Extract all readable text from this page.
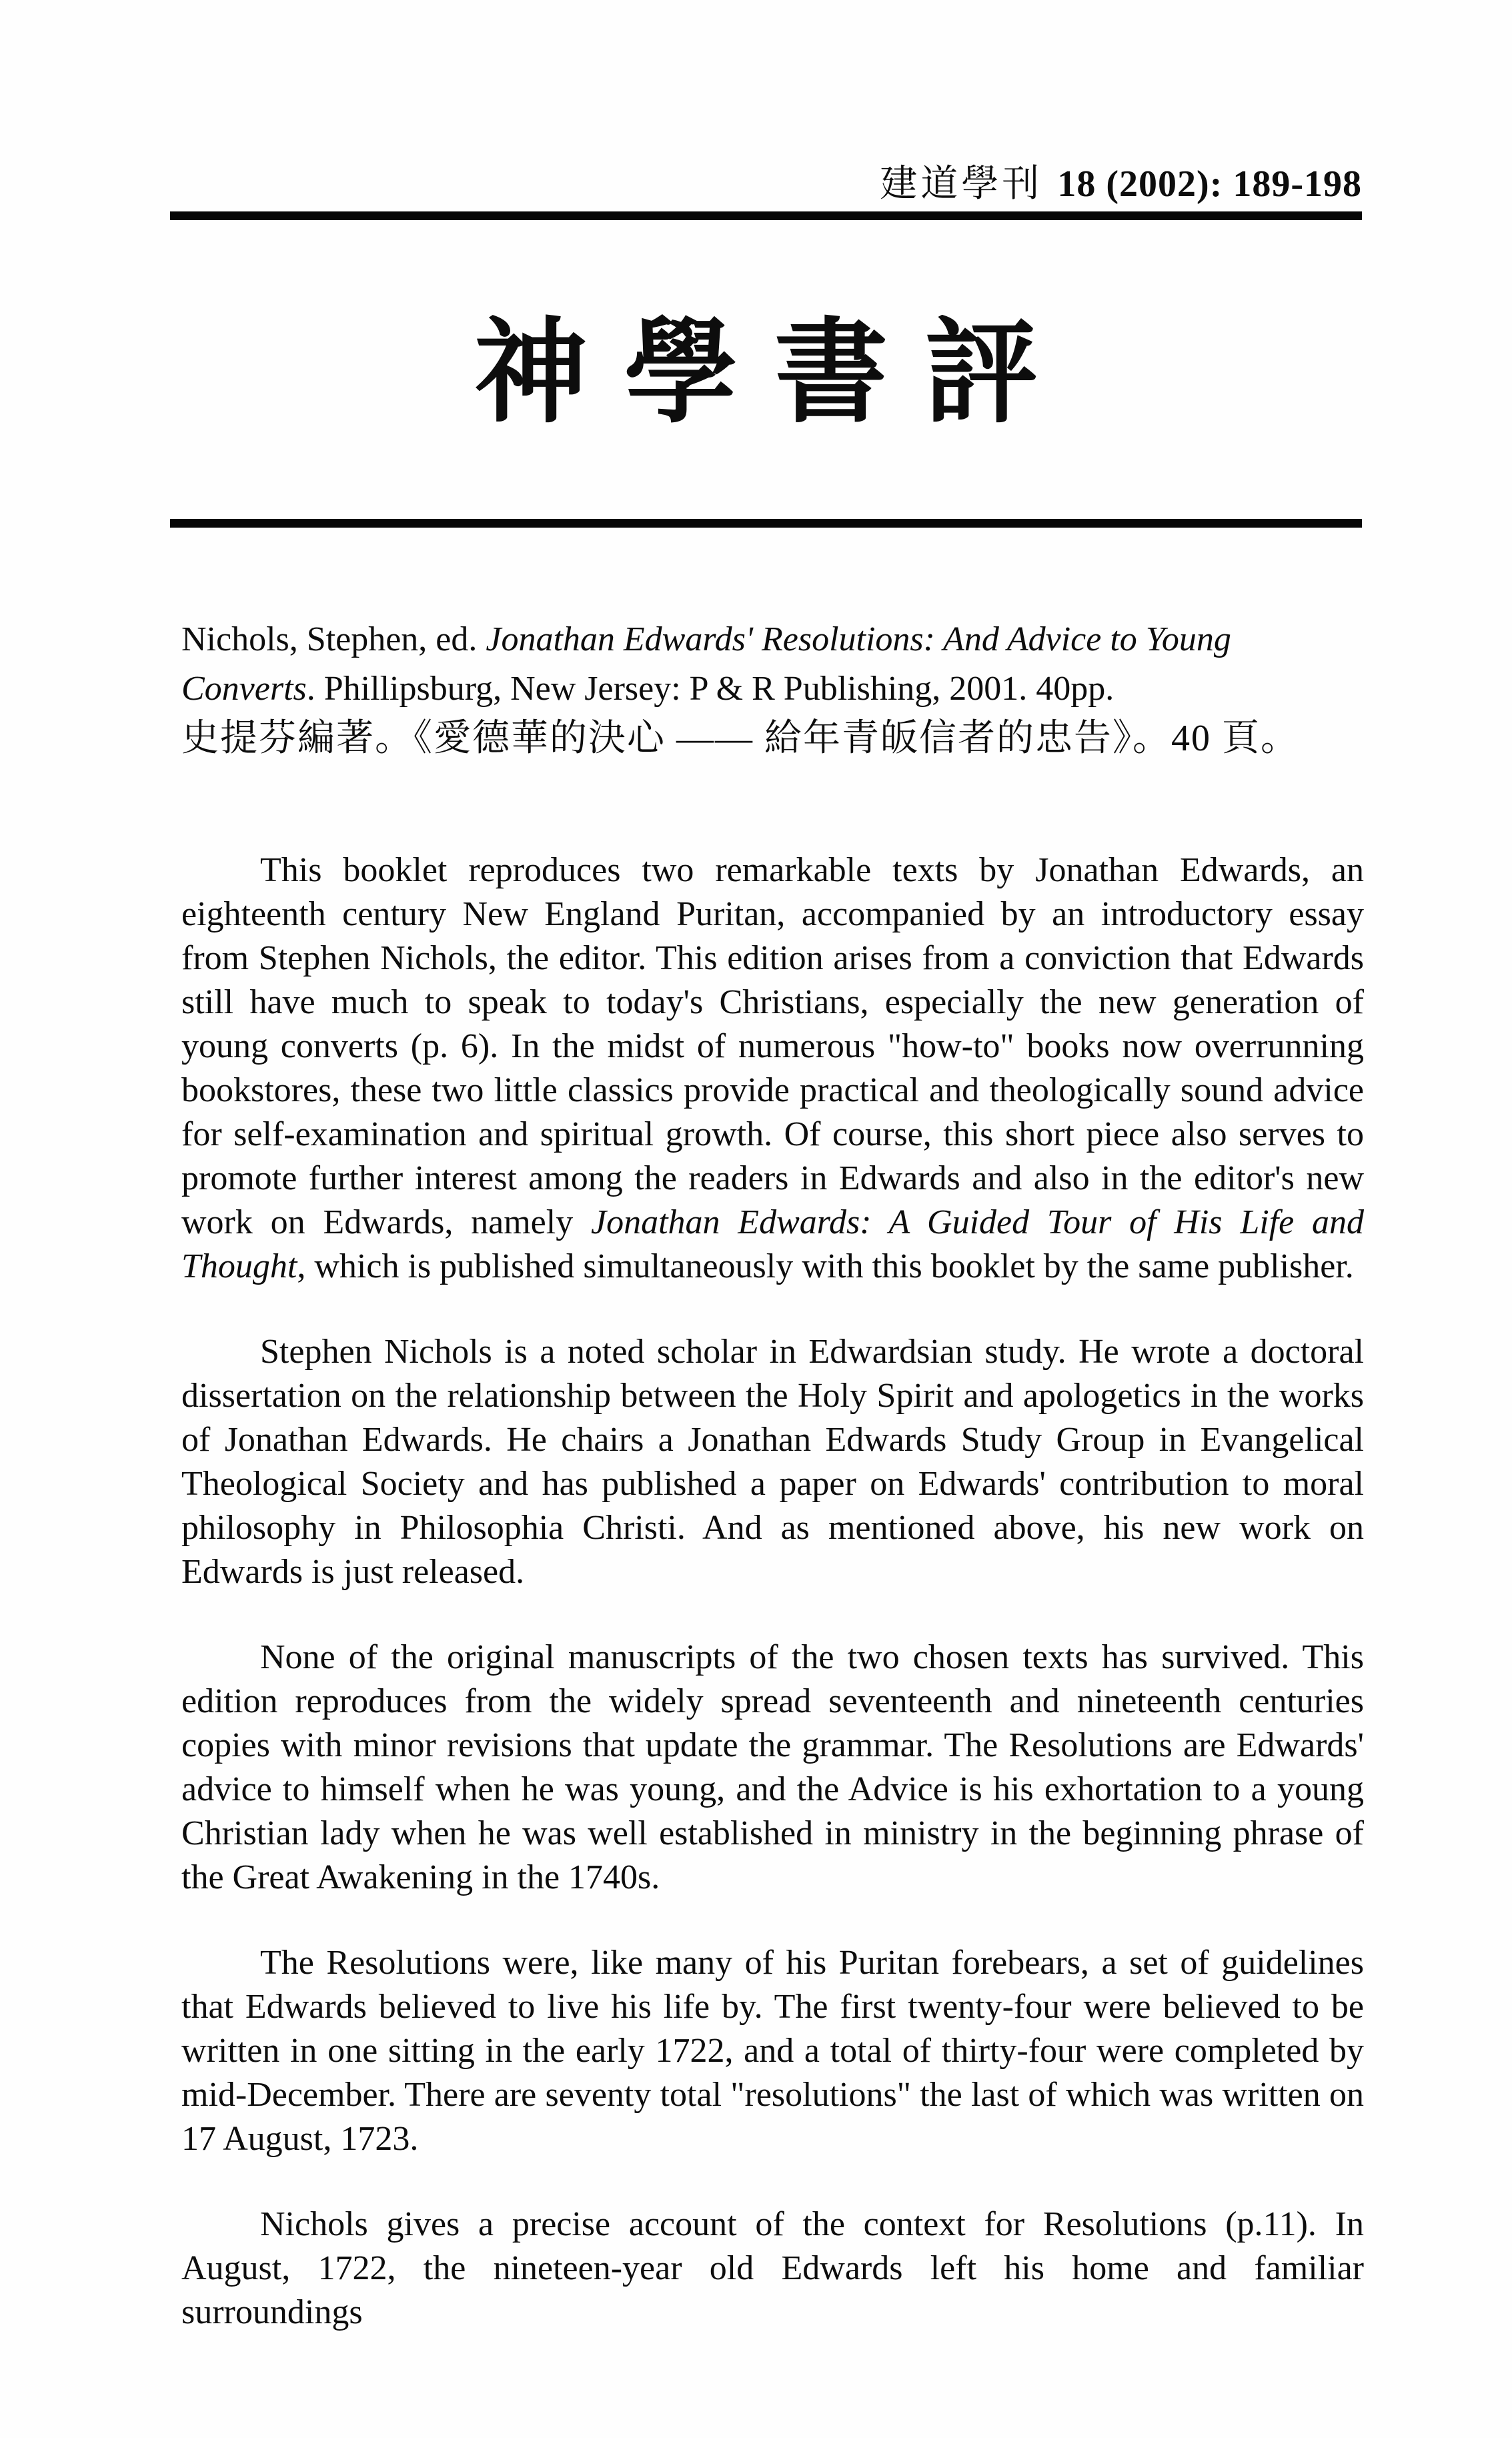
建道學刊 18 (2002): 189-198
神學書評

Nichols, Stephen, ed. Jonathan Edwards' Resolutions: And Advice to Young

Converts. Phillipsburg, New Jersey: P & R Publishing, 2001. 40pp.

史提芬編著。《愛德華的決心 —— 給年青皈信者的忠告》。40 頁。

This booklet reproduces two remarkable texts by Jonathan Edwards, an eighteenth century New England Puritan, accompanied by an introductory essay from Stephen Nichols, the editor. This edition arises from a conviction that Edwards still have much to speak to today's Christians, especially the new generation of young converts (p. 6). In the midst of numerous "how-to" books now overrunning bookstores, these two little classics provide practical and theologically sound advice for self-examination and spiritual growth. Of course, this short piece also serves to promote further interest among the readers in Edwards and also in the editor's new work on Edwards, namely Jonathan Edwards: A Guided Tour of His Life and Thought, which is published simultaneously with this booklet by the same publisher.

Stephen Nichols is a noted scholar in Edwardsian study. He wrote a doctoral dissertation on the relationship between the Holy Spirit and apologetics in the works of Jonathan Edwards. He chairs a Jonathan Edwards Study Group in Evangelical Theological Society and has published a paper on Edwards' contribution to moral philosophy in Philosophia Christi. And as mentioned above, his new work on Edwards is just released.

None of the original manuscripts of the two chosen texts has survived. This edition reproduces from the widely spread seventeenth and nineteenth centuries copies with minor revisions that update the grammar. The Resolutions are Edwards' advice to himself when he was young, and the Advice is his exhortation to a young Christian lady when he was well established in ministry in the beginning phrase of the Great Awakening in the 1740s.

The Resolutions were, like many of his Puritan forebears, a set of guidelines that Edwards believed to live his life by. The first twenty-four were believed to be written in one sitting in the early 1722, and a total of thirty-four were completed by mid-December. There are seventy total "resolutions" the last of which was written on 17 August, 1723.

Nichols gives a precise account of the context for Resolutions (p.11). In August, 1722, the nineteen-year old Edwards left his home and familiar surroundings
